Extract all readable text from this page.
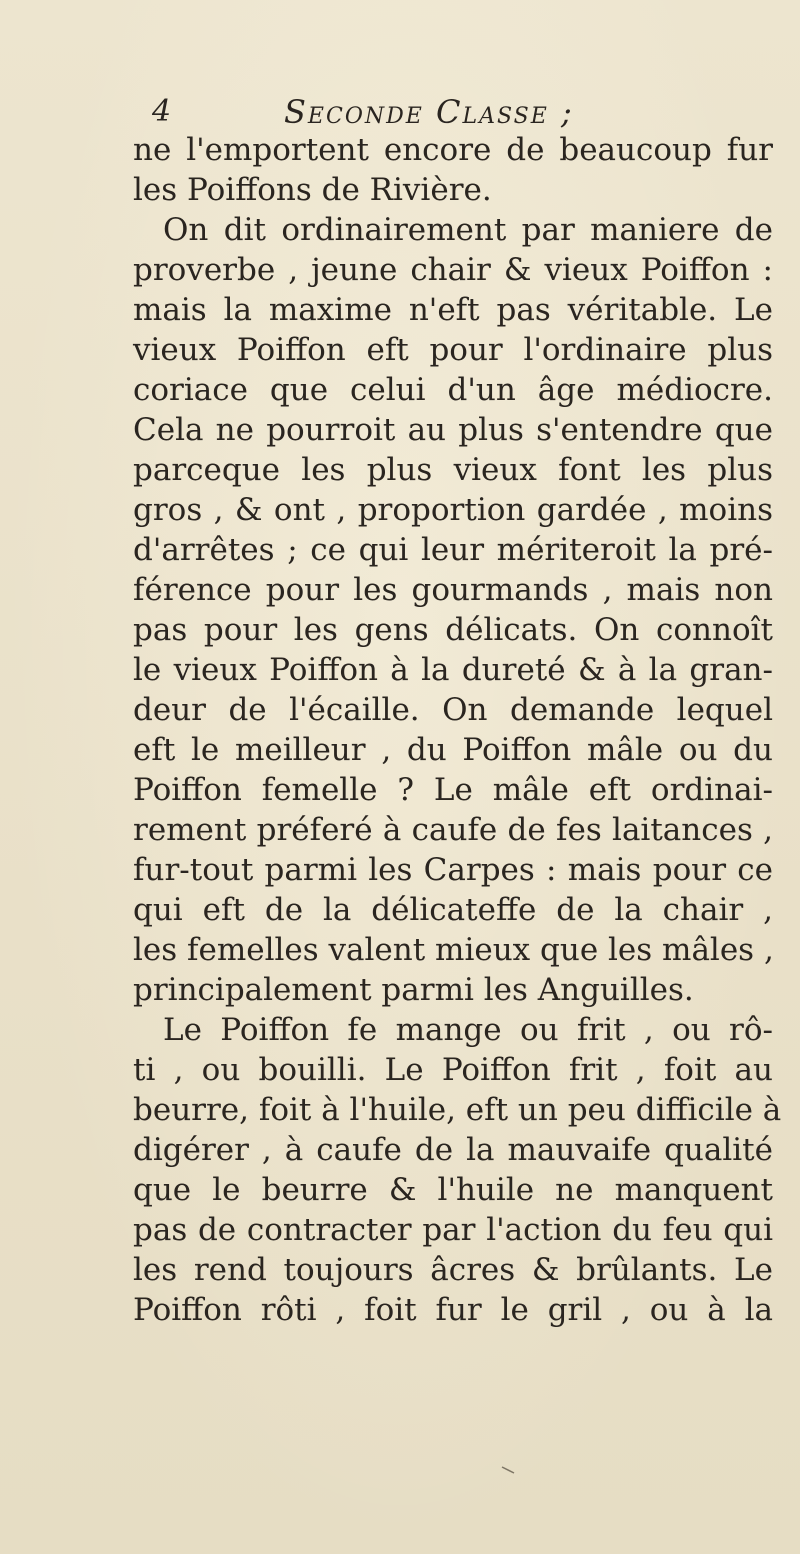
4	Seconde Classe ;
ne l'emportent encore de beaucoup fur
les Poiffons de Rivière.
On dit ordinairement par maniere de
proverbe , jeune chair & vieux Poiffon :
mais la maxime n'eft pas véritable. Le
vieux Poiffon eft pour l'ordinaire plus
coriace que celui d'un âge médiocre.
Cela ne pourroit au plus s'entendre que
parceque les plus vieux font les plus
gros , & ont , proportion gardée , moins
d'arrêtes ; ce qui leur mériteroit la pré-
férence pour les gourmands , mais non
pas pour les gens délicats. On connoît
le vieux Poiffon à la dureté & à la gran-
deur de l'écaille. On demande lequel
eft le meilleur , du Poiffon mâle ou du
Poiffon femelle ? Le mâle eft ordinai-
rement préferé à caufe de fes laitances ,
fur-tout parmi les Carpes : mais pour ce
qui eft de la délicateffe de la chair ,
les femelles valent mieux que les mâles ,
principalement parmi les Anguilles.
Le Poiffon fe mange ou frit , ou rô-
ti , ou bouilli. Le Poiffon frit , foit au
beurre, foit à l'huile, eft un peu difficile à
digérer , à caufe de la mauvaife qualité
que le beurre & l'huile ne manquent
pas de contracter par l'action du feu qui
les rend toujours âcres & brûlants. Le
Poiffon rôti , foit fur le gril , ou à la
